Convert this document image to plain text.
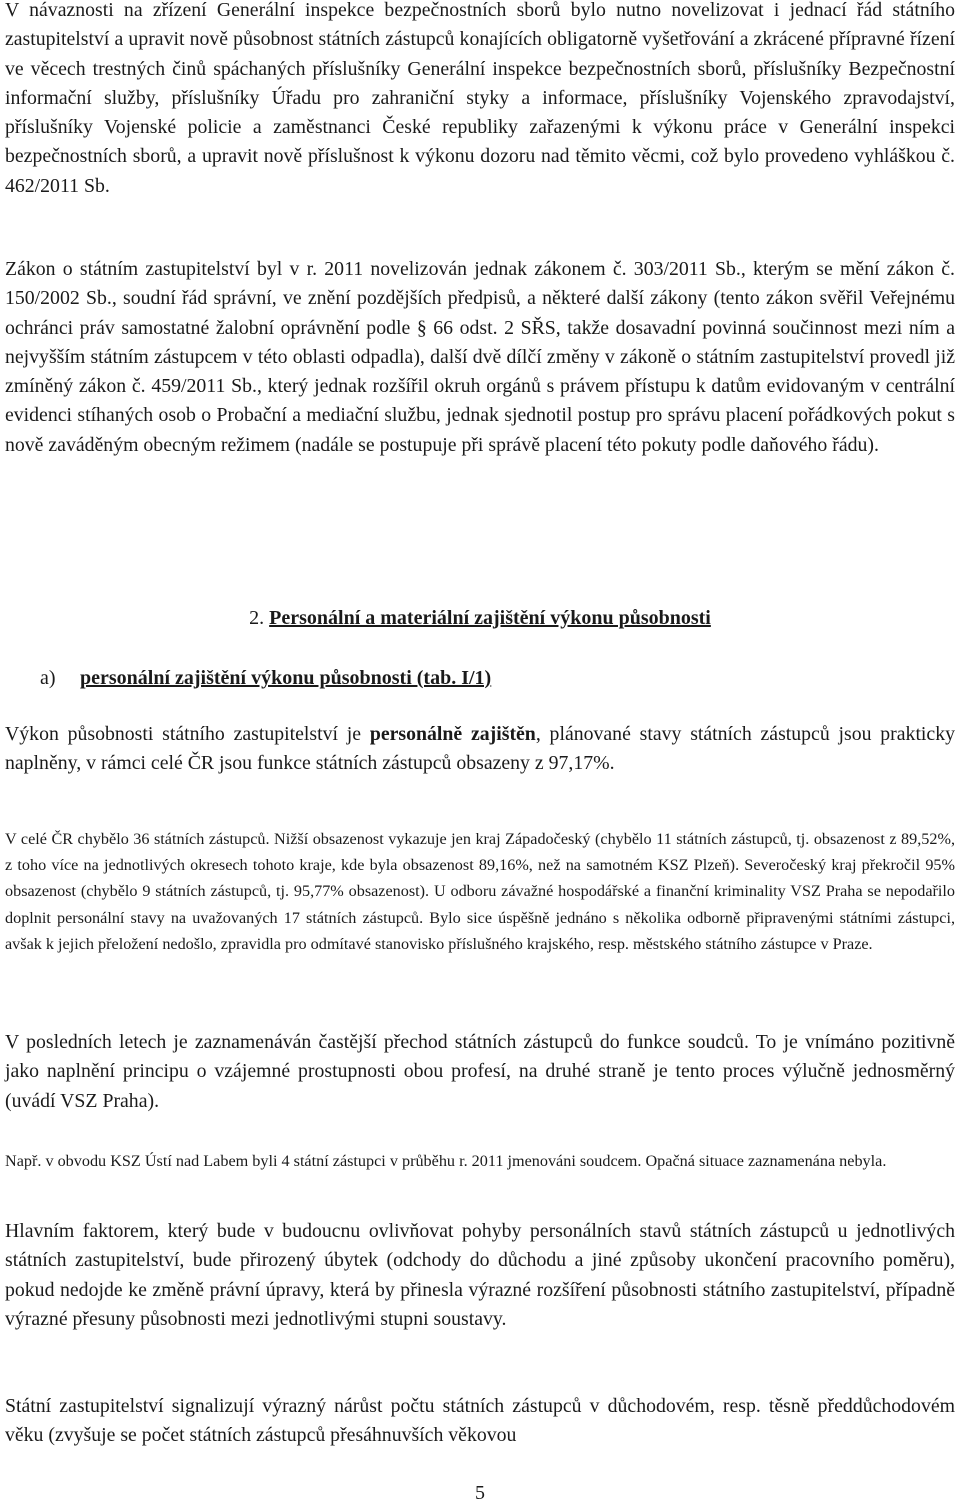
V návaznosti na zřízení Generální inspekce bezpečnostních sborů bylo nutno novelizovat i jednací řád státního zastupitelství a upravit nově působnost státních zástupců konajících obligatorně vyšetřování a zkrácené přípravné řízení ve věcech trestných činů spáchaných příslušníky Generální inspekce bezpečnostních sborů, příslušníky Bezpečnostní informační služby, příslušníky Úřadu pro zahraniční styky a informace, příslušníky Vojenského zpravodajství, příslušníky Vojenské policie a zaměstnanci České republiky zařazenými k výkonu práce v Generální inspekci bezpečnostních sborů, a upravit nově příslušnost k výkonu dozoru nad těmito věcmi, což bylo provedeno vyhláškou č. 462/2011 Sb.

Zákon o státním zastupitelství byl v r. 2011 novelizován jednak zákonem č. 303/2011 Sb., kterým se mění zákon č. 150/2002 Sb., soudní řád správní, ve znění pozdějších předpisů, a některé další zákony (tento zákon svěřil Veřejnému ochránci práv samostatné žalobní oprávnění podle § 66 odst. 2 SŘS, takže dosavadní povinná součinnost mezi ním a nejvyšším státním zástupcem v této oblasti odpadla), další dvě dílčí změny v zákoně o státním zastupitelství provedl již zmíněný zákon č. 459/2011 Sb., který jednak rozšířil okruh orgánů s právem přístupu k datům evidovaným v centrální evidenci stíhaných osob o Probační a mediační službu, jednak sjednotil postup pro správu placení pořádkových pokut s nově zaváděným obecným režimem (nadále se postupuje při správě placení této pokuty podle daňového řádu).

2. Personální a materiální zajištění výkonu působnosti
a) personální zajištění výkonu působnosti (tab. I/1)

Výkon působnosti státního zastupitelství je personálně zajištěn, plánované stavy státních zástupců jsou prakticky naplněny, v rámci celé ČR jsou funkce státních zástupců obsazeny z 97,17%.

V celé ČR chybělo 36 státních zástupců. Nižší obsazenost vykazuje jen kraj Západočeský (chybělo 11 státních zástupců, tj. obsazenost z 89,52%, z toho více na jednotlivých okresech tohoto kraje, kde byla obsazenost 89,16%, než na samotném KSZ Plzeň). Severočeský kraj překročil 95% obsazenost (chybělo 9 státních zástupců, tj. 95,77% obsazenost). U odboru závažné hospodářské a finanční kriminality VSZ Praha se nepodařilo doplnit personální stavy na uvažovaných 17 státních zástupců. Bylo sice úspěšně jednáno s několika odborně připravenými státními zástupci, avšak k jejich přeložení nedošlo, zpravidla pro odmítavé stanovisko příslušného krajského, resp. městského státního zástupce v Praze.

V posledních letech je zaznamenáván častější přechod státních zástupců do funkce soudců. To je vnímáno pozitivně jako naplnění principu o vzájemné prostupnosti obou profesí, na druhé straně je tento proces výlučně jednosměrný (uvádí VSZ Praha).

Např. v obvodu KSZ Ústí nad Labem byli 4 státní zástupci v průběhu r. 2011 jmenováni soudcem. Opačná situace zaznamenána nebyla.

Hlavním faktorem, který bude v budoucnu ovlivňovat pohyby personálních stavů státních zástupců u jednotlivých státních zastupitelství, bude přirozený úbytek (odchody do důchodu a jiné způsoby ukončení pracovního poměru), pokud nedojde ke změně právní úpravy, která by přinesla výrazné rozšíření působnosti státního zastupitelství, případně výrazné přesuny působnosti mezi jednotlivými stupni soustavy.

Státní zastupitelství signalizují výrazný nárůst počtu státních zástupců v důchodovém, resp. těsně předdůchodovém věku (zvyšuje se počet státních zástupců přesáhnuvších věkovou

5
